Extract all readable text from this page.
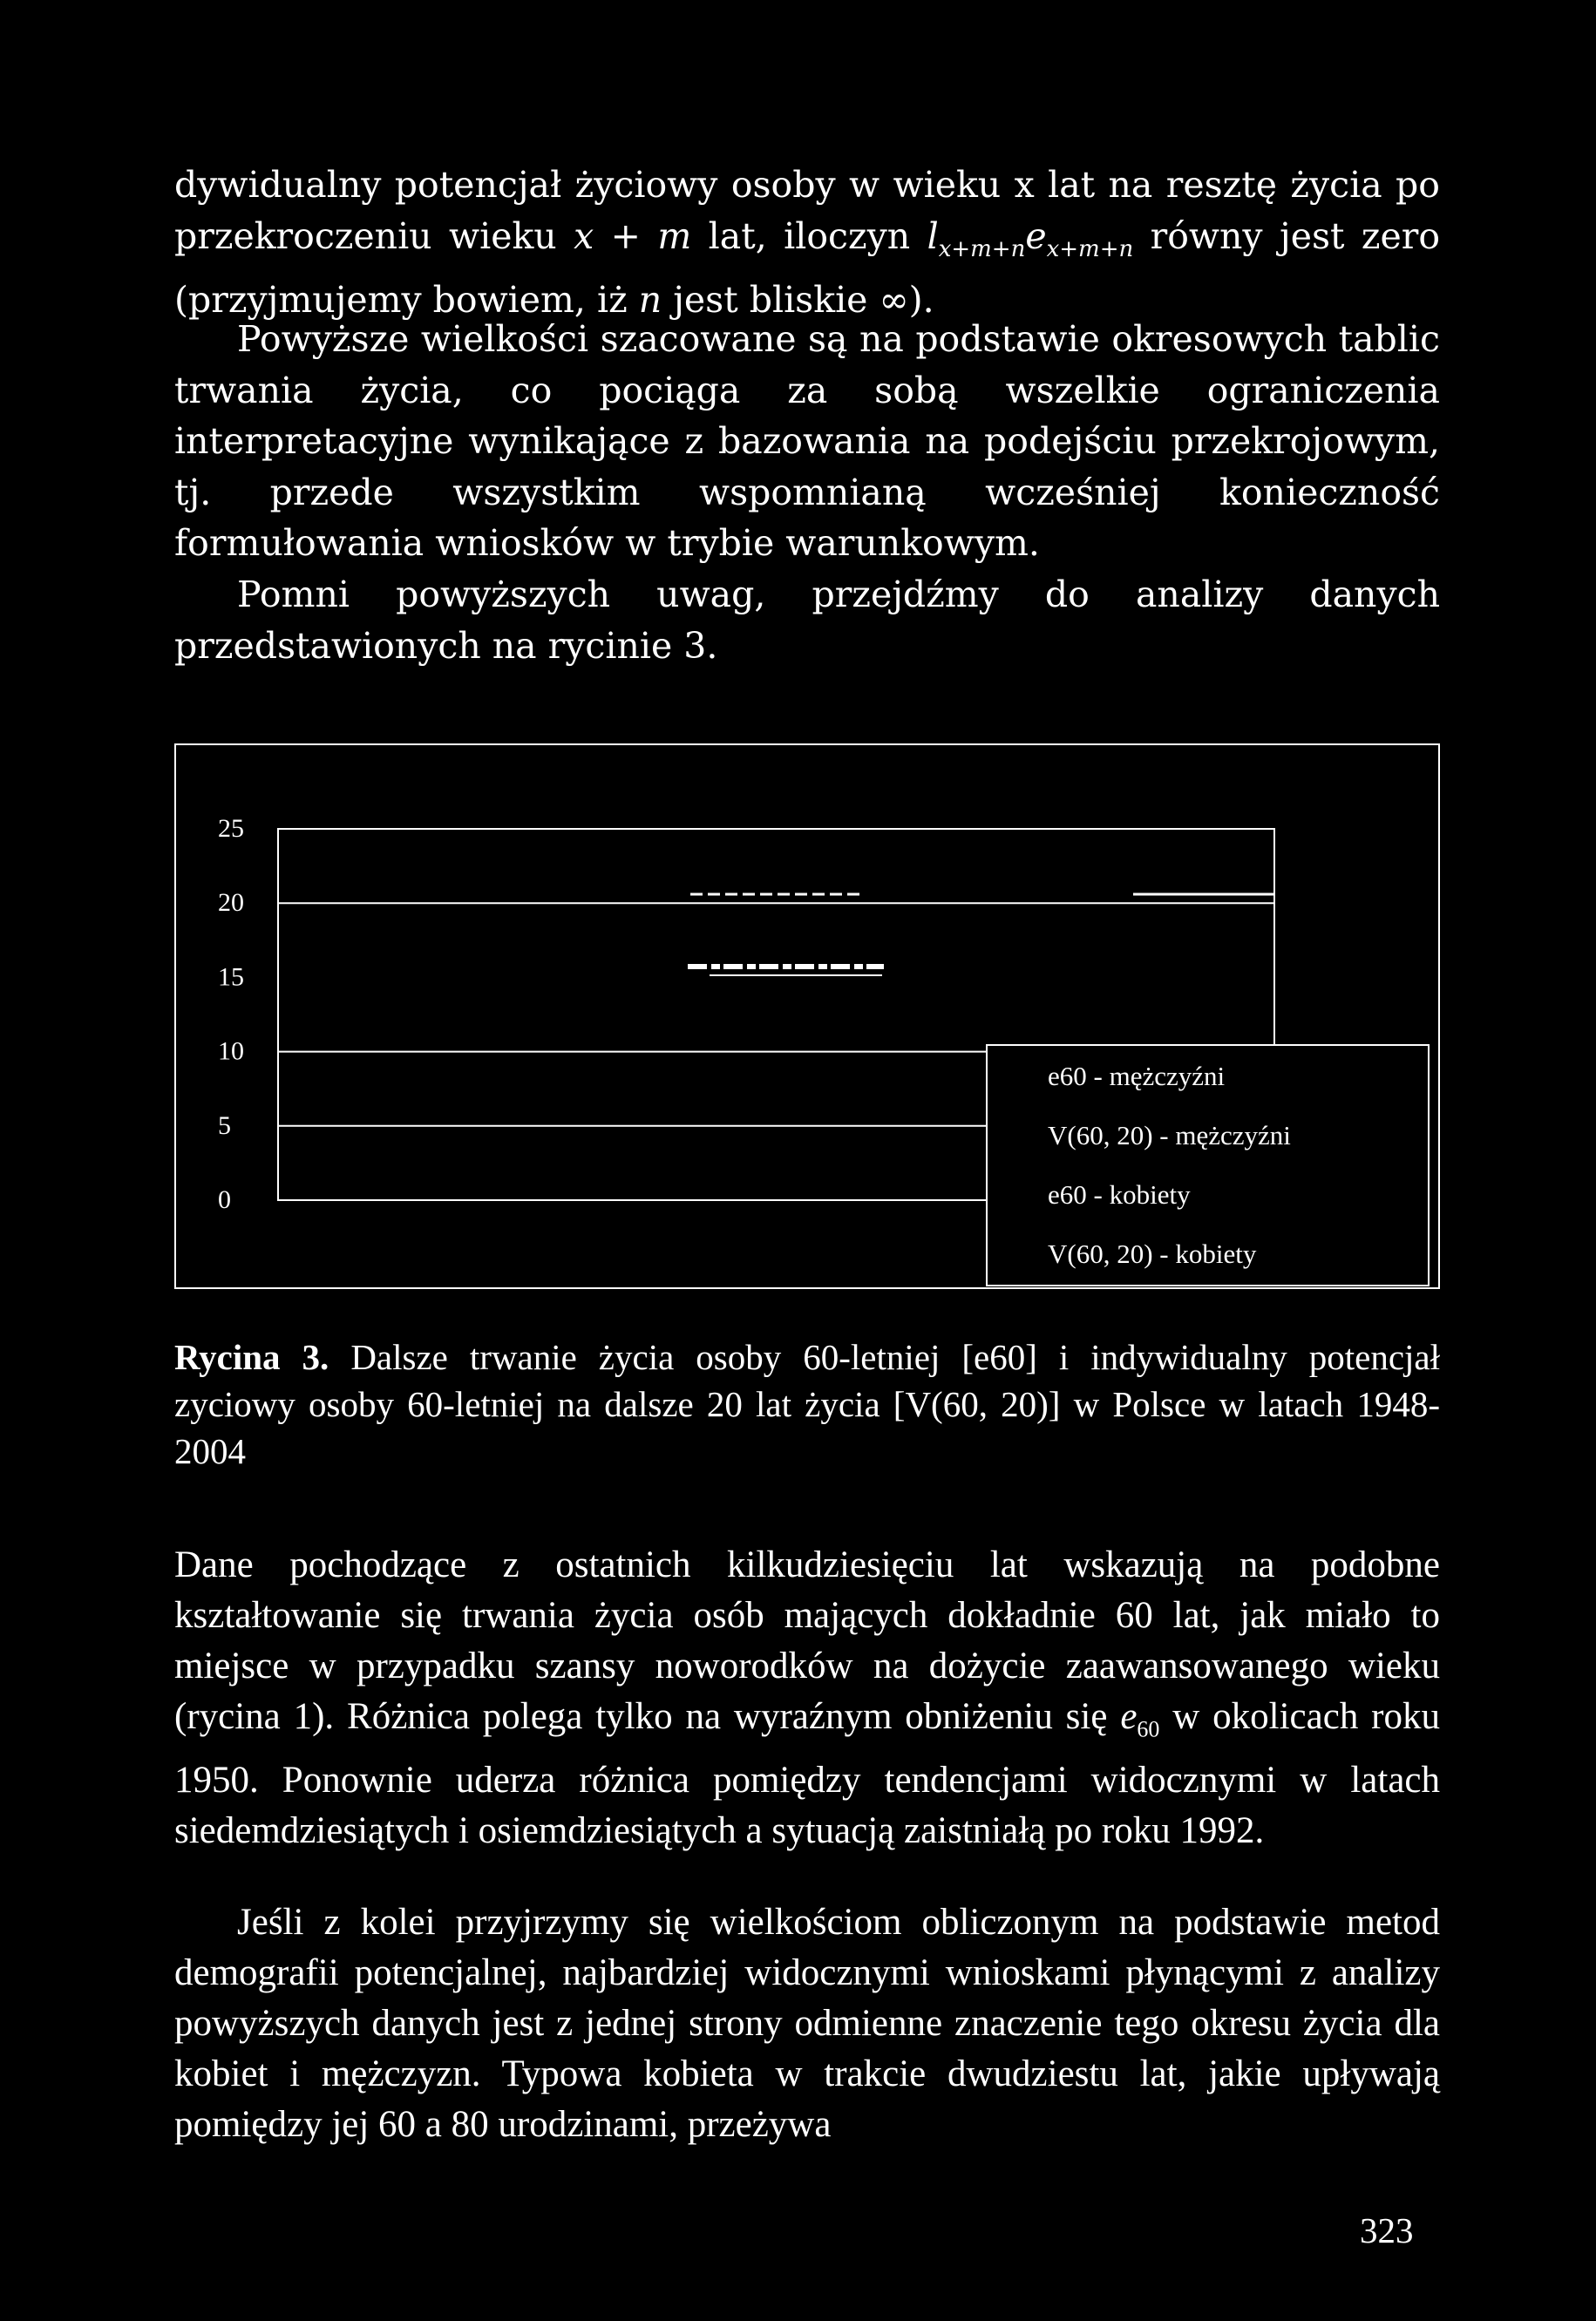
dywidualny potencjał życiowy osoby w wieku x lat na resztę życia po przekroczeniu wieku x + m lat, iloczyn $l_{x+m+n}e_{x+m+n}$ równy jest zero (przyjmujemy bowiem, iż n jest bliskie ∞).

Powyższe wielkości szacowane są na podstawie okresowych tablic trwania życia, co pociąga za sobą wszelkie ograniczenia interpretacyjne wynikające z bazowania na podejściu przekrojowym, tj. przede wszystkim wspomnianą wcześniej konieczność formułowania wniosków w trybie warunkowym.

Pomni powyższych uwag, przejdźmy do analizy danych przedstawionych na rycinie 3.

25
20
15
10
5
0
e60 - mężczyźni
V(60, 20) - mężczyźni
e60 - kobiety
V(60, 20) - kobiety

Rycina 3. Dalsze trwanie życia osoby 60-letniej [e60] i indywidualny potencjał zyciowy osoby 60-letniej na dalsze 20 lat życia [V(60, 20)] w Polsce w latach 1948-2004

Dane pochodzące z ostatnich kilkudziesięciu lat wskazują na podobne kształtowanie się trwania życia osób mających dokładnie 60 lat, jak miało to miejsce w przypadku szansy noworodków na dożycie zaawansowanego wieku (rycina 1). Różnica polega tylko na wyraźnym obniżeniu się $e_{60}$ w okolicach roku 1950. Ponownie uderza różnica pomiędzy tendencjami widocznymi w latach siedemdziesiątych i osiemdziesiątych a sytuacją zaistniałą po roku 1992.

Jeśli z kolei przyjrzymy się wielkościom obliczonym na podstawie metod demografii potencjalnej, najbardziej widocznymi wnioskami płynącymi z analizy powyższych danych jest z jednej strony odmienne znaczenie tego okresu życia dla kobiet i mężczyzn. Typowa kobieta w trakcie dwudziestu lat, jakie upływają pomiędzy jej 60 a 80 urodzinami, przeżywa

323
